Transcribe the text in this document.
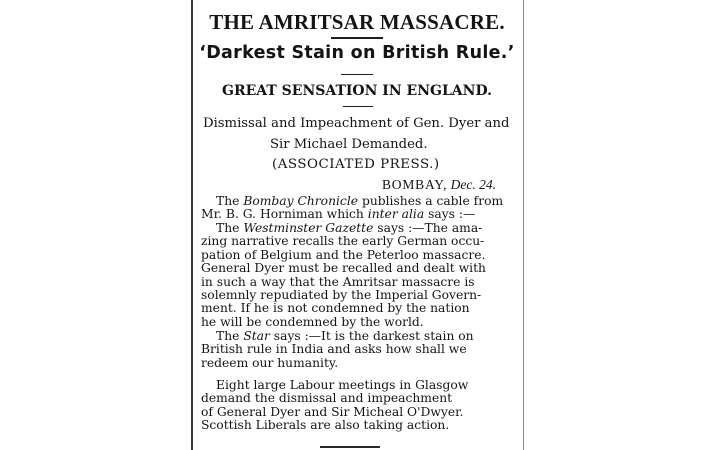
THE AMRITSAR MASSACRE.
‘Darkest Stain on British Rule.’
GREAT SENSATION IN ENGLAND.

Dismissal and Impeachment of Gen. Dyer and

Sir Michael Demanded.

(ASSOCIATED PRESS.)

BOMBAY, Dec. 24.

The Bombay Chronicle publishes a cable from
Mr. B. G. Horniman which inter alia says :—
The Westminster Gazette says :—The ama-
zing narrative recalls the early German occu-
pation of Belgium and the Peterloo massacre.
General Dyer must be recalled and dealt with
in such a way that the Amritsar massacre is
solemnly repudiated by the Imperial Govern-
ment. If he is not condemned by the nation
he will be condemned by the world.
The Star says :—It is the darkest stain on
British rule in India and asks how shall we
redeem our humanity.
Eight large Labour meetings in Glasgow
demand the dismissal and impeachment
of General Dyer and Sir Micheal O'Dwyer.
Scottish Liberals are also taking action.
